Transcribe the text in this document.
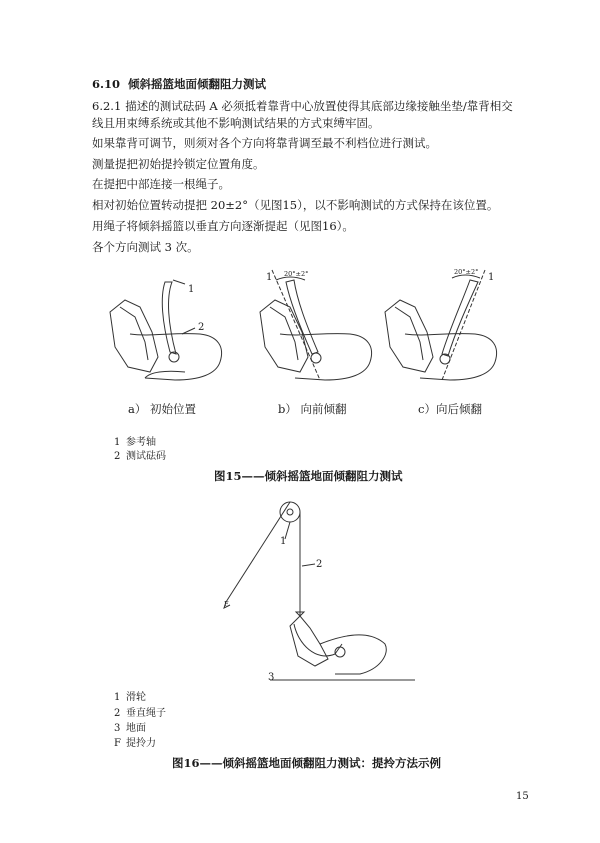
6.10 倾斜摇篮地面倾翻阻力测试
6.2.1 描述的测试砝码 A 必须抵着靠背中心放置使得其底部边缘接触坐垫/靠背相交
线且用束缚系统或其他不影响测试结果的方式束缚牢固。
如果靠背可调节，则须对各个方向将靠背调至最不利档位进行测试。
测量提把初始提拎锁定位置角度。
在提把中部连接一根绳子。
相对初始位置转动提把 20±2°（见图15），以不影响测试的方式保持在该位置。
用绳子将倾斜摇篮以垂直方向逐渐提起（见图16）。
各个方向测试 3 次。
1
2
1 20°±2°	1
20°±2°
a） 初始位置	b） 向前倾翻	c）向后倾翻
1 参考轴
2 测试砝码
图15——倾斜摇篮地面倾翻阻力测试
1
2
3
F
1 滑轮
2 垂直绳子
3 地面
F 提拎力
图16——倾斜摇篮地面倾翻阻力测试：提拎方法示例
15
